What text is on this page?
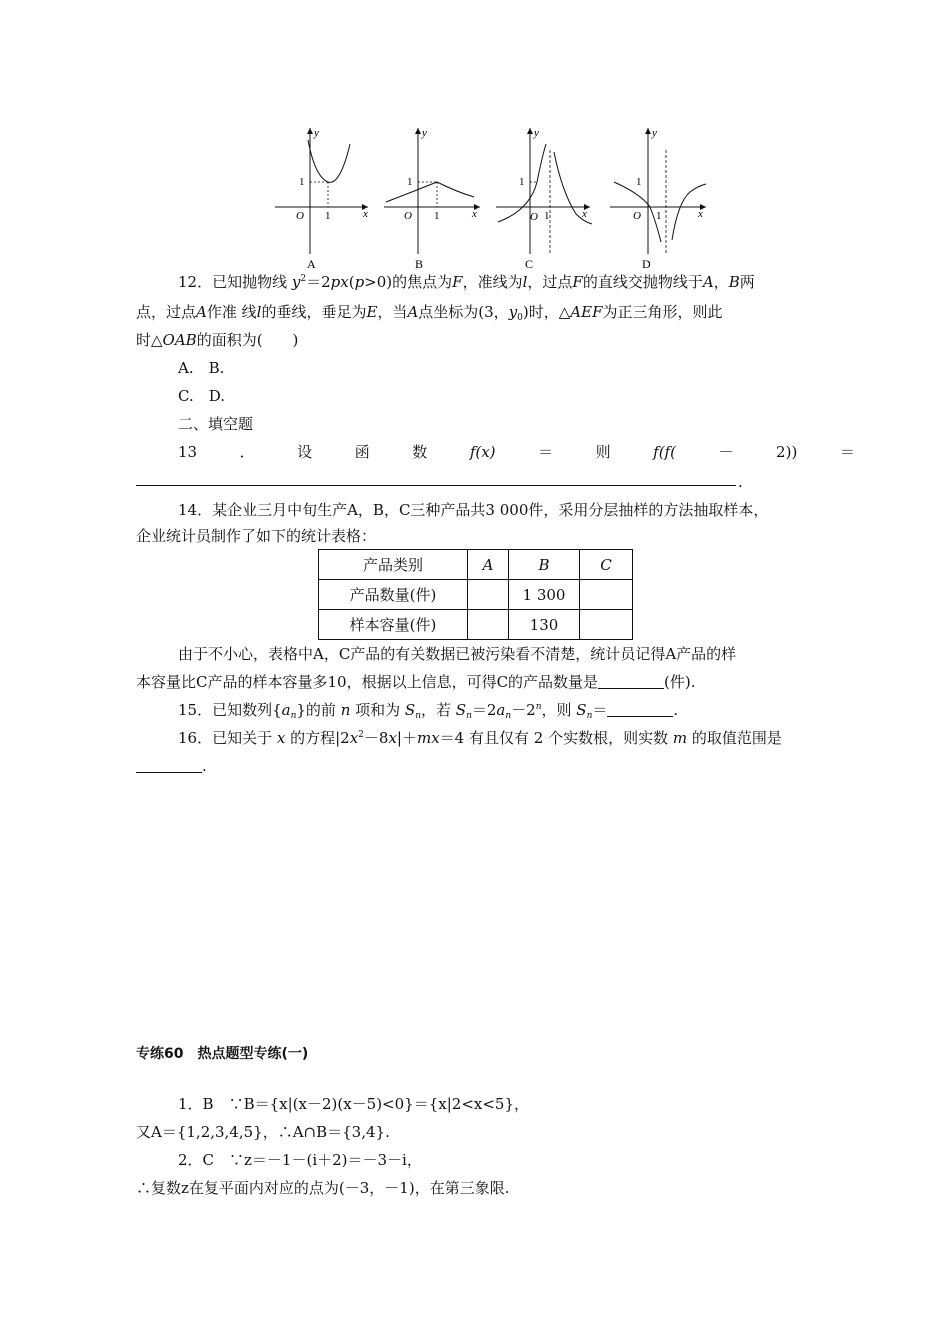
y
x
O 1
1
A
y
x
O 1
1
B
y
x
O 1
1
C
y
x
O 1
1
D
12．已知抛物线 $y^2=2px(p>0)$的焦点为F，准线为l，过点F的直线交抛物线于A，B两
点，过点A作准 线l的垂线，垂足为E，当A点坐标为(3，$y_0$)时，△AEF为正三角形，则此
时△OAB的面积为(　　)
A.　B.
C.　D.
二、填空题
13	．	设	函	数	f(x)	＝	则	f(f(	－	2))	＝
.
14．某企业三月中旬生产A，B，C三种产品共3 000件，采用分层抽样的方法抽取样本，
企业统计员制作了如下的统计表格：
产品类别	A	B	C
产品数量(件)		1 300	
样本容量(件)		130	
由于不小心，表格中A，C产品的有关数据已被污染看不清楚，统计员记得A产品的样
本容量比C产品的样本容量多10，根据以上信息，可得C的产品数量是	(件).
15．已知数列$\{a_n\}$的前 n 项和为 $S_n$，若 $S_n=2a_n-2^n$，则 $S_n=$	.
16．已知关于 x 的方程$|2x^2-8x|+mx=4$ 有且仅有 2 个实数根，则实数 m 的取值范围是
.
专练60　热点题型专练(一)
1．B　∵B＝{x|(x－2)(x－5)<0}＝{x|2<x<5}，
又A＝{1,2,3,4,5}，∴A∩B＝{3,4}.
2．C　∵z＝－1－(i＋2)＝－3－i，
∴复数z在复平面内对应的点为(－3，－1)，在第三象限.
